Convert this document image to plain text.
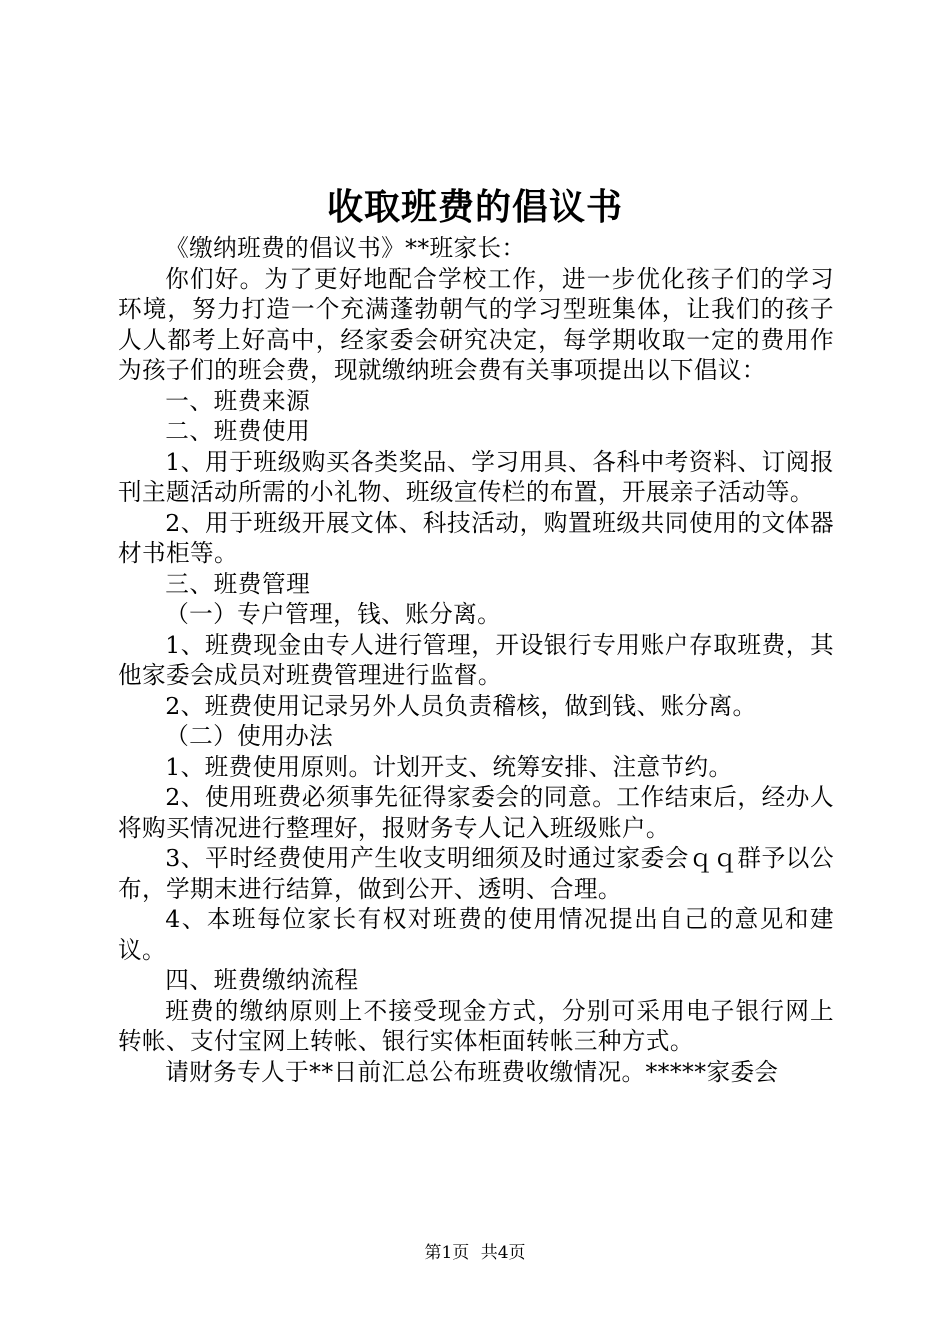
收取班费的倡议书

《缴纳班费的倡议书》**班家长：

你们好。为了更好地配合学校工作，进一步优化孩子们的学习环境，努力打造一个充满蓬勃朝气的学习型班集体，让我们的孩子人人都考上好高中，经家委会研究决定，每学期收取一定的费用作为孩子们的班会费，现就缴纳班会费有关事项提出以下倡议：

一、班费来源

二、班费使用

1、用于班级购买各类奖品、学习用具、各科中考资料、订阅报刊主题活动所需的小礼物、班级宣传栏的布置，开展亲子活动等。

2、用于班级开展文体、科技活动，购置班级共同使用的文体器材书柜等。

三、班费管理

（一）专户管理，钱、账分离。

1、班费现金由专人进行管理，开设银行专用账户存取班费，其他家委会成员对班费管理进行监督。

2、班费使用记录另外人员负责稽核，做到钱、账分离。

（二）使用办法

1、班费使用原则。计划开支、统筹安排、注意节约。

2、使用班费必须事先征得家委会的同意。工作结束后，经办人将购买情况进行整理好，报财务专人记入班级账户。

3、平时经费使用产生收支明细须及时通过家委会ｑｑ群予以公布，学期末进行结算，做到公开、透明、合理。

4、本班每位家长有权对班费的使用情况提出自己的意见和建议。

四、班费缴纳流程

班费的缴纳原则上不接受现金方式，分别可采用电子银行网上转帐、支付宝网上转帐、银行实体柜面转帐三种方式。

请财务专人于**日前汇总公布班费收缴情况。*****家委会

第1页 共4页
